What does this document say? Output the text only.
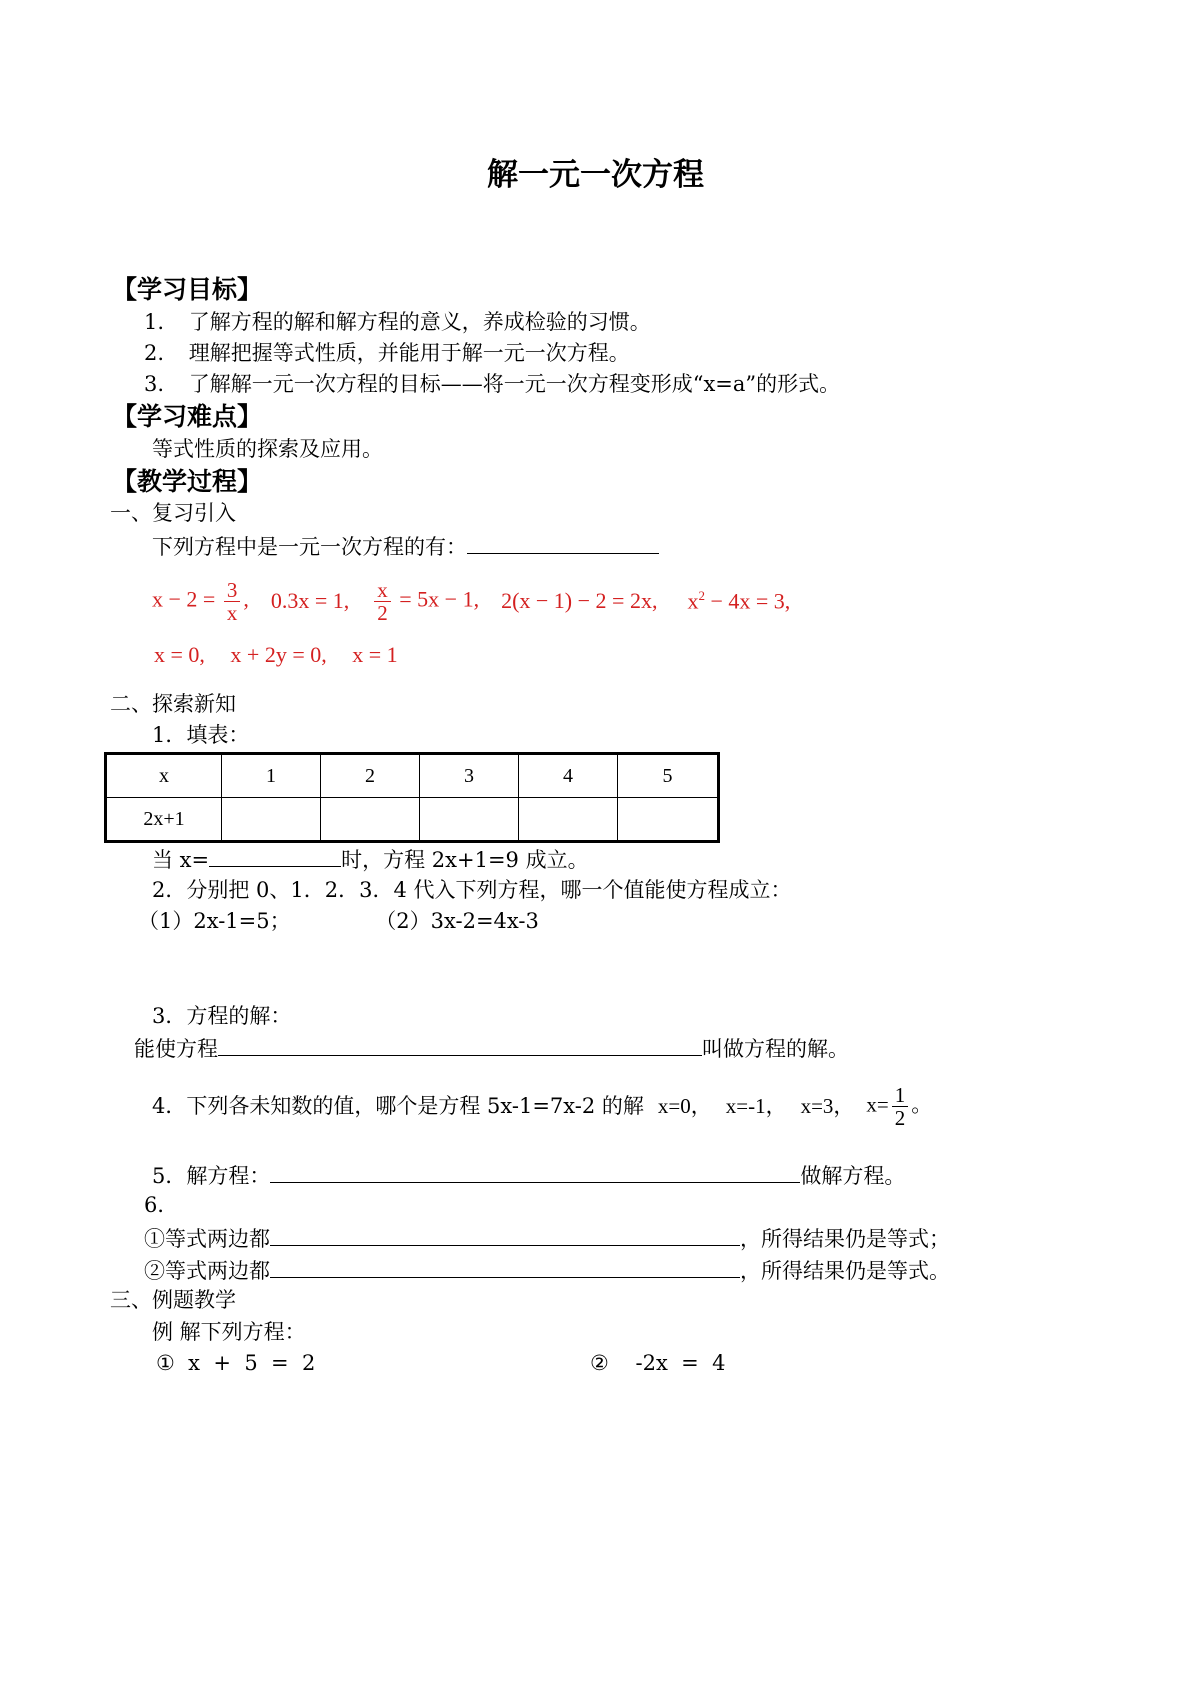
解一元一次方程
【学习目标】
1. 了解方程的解和解方程的意义，养成检验的习惯。
2. 理解把握等式性质，并能用于解一元一次方程。
3. 了解解一元一次方程的目标——将一元一次方程变形成“x=a”的形式。
【学习难点】
等式性质的探索及应用。
【教学过程】
一、复习引入
下列方程中是一元一次方程的有：
$x - 2 = \frac{3}{x}$ , 0.3x = 1, $\frac{x}{2} = 5x - 1$, 2(x − 1) − 2 = 2x, $x^2 - 4x = 3$,
x = 0, x + 2y = 0, x = 1
二、探索新知
1．填表：
x	1	2	3	4	5
2x+1					
当 x=	时，方程 2x+1=9 成立。
2．分别把 0、1．2．3．4 代入下列方程，哪一个值能使方程成立：
（1）2x-1=5；	（2）3x-2=4x-3
3．方程的解：
能使方程	叫做方程的解。
4．下列各未知数的值，哪个是方程 5x-1=7x-2 的解 x=0， x=-1， x=3， $x= \frac{1}{2}$ 。
5．解方程：	做解方程。
6．
①等式两边都	，所得结果仍是等式；
②等式两边都	，所得结果仍是等式。
三、例题教学
例 解下列方程：
①  x  +  5  =  2	②    -2x  =  4
